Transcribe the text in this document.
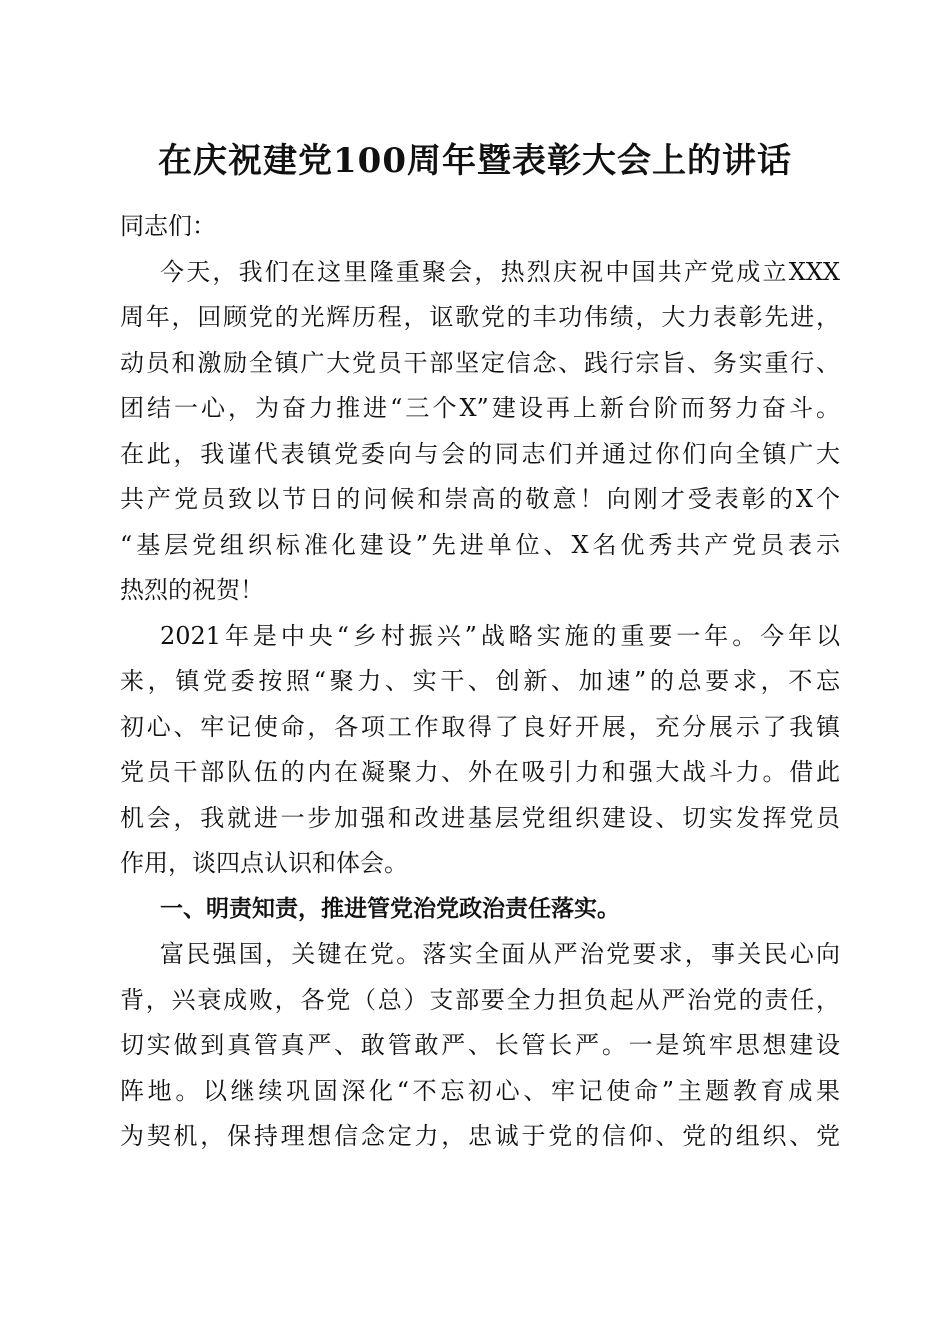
在庆祝建党100周年暨表彰大会上的讲话
同志们：
今天，我们在这里隆重聚会，热烈庆祝中国共产党成立XXX
周年，回顾党的光辉历程，讴歌党的丰功伟绩，大力表彰先进，
动员和激励全镇广大党员干部坚定信念、践行宗旨、务实重行、
团结一心，为奋力推进“三个X”建设再上新台阶而努力奋斗。
在此，我谨代表镇党委向与会的同志们并通过你们向全镇广大
共产党员致以节日的问候和崇高的敬意！向刚才受表彰的X个
“基层党组织标准化建设”先进单位、X名优秀共产党员表示
热烈的祝贺！
2021年是中央“乡村振兴”战略实施的重要一年。今年以
来，镇党委按照“聚力、实干、创新、加速”的总要求，不忘
初心、牢记使命，各项工作取得了良好开展，充分展示了我镇
党员干部队伍的内在凝聚力、外在吸引力和强大战斗力。借此
机会，我就进一步加强和改进基层党组织建设、切实发挥党员
作用，谈四点认识和体会。
一、明责知责，推进管党治党政治责任落实。
富民强国，关键在党。落实全面从严治党要求，事关民心向
背，兴衰成败，各党（总）支部要全力担负起从严治党的责任，
切实做到真管真严、敢管敢严、长管长严。一是筑牢思想建设
阵地。以继续巩固深化“不忘初心、牢记使命”主题教育成果
为契机，保持理想信念定力，忠诚于党的信仰、党的组织、党
